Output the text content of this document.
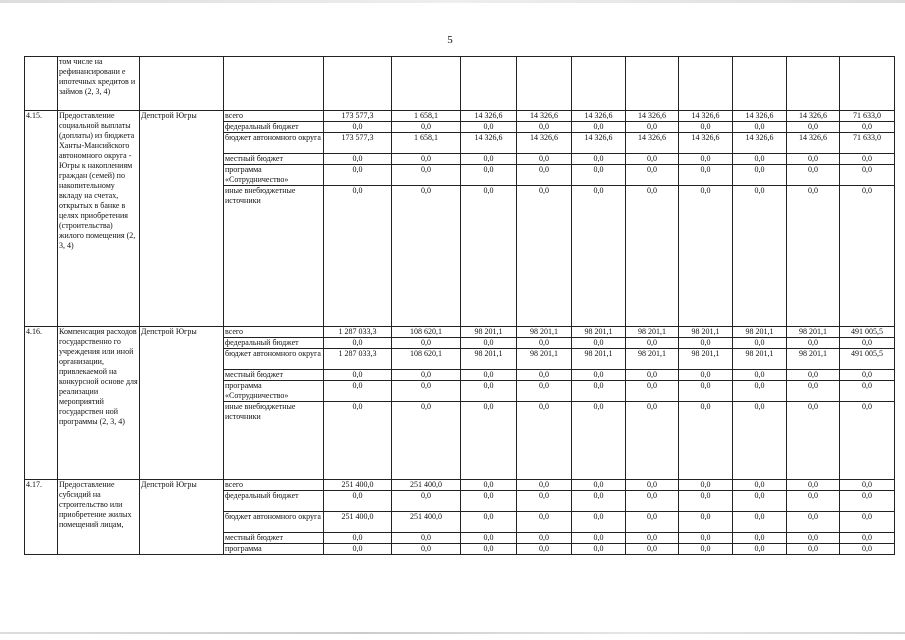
5
	том числе на рефинансировани е ипотечных кредитов и займов (2, 3, 4)												
4.15.	Предоставление социальной выплаты (доплаты) из бюджета Ханты-Мансийского автономного округа - Югры к накоплениям граждан (семей) по накопительному вкладу на счетах, открытых в банке в целях приобретения (строительства) жилого помещения (2, 3, 4)	Депстрой Югры	всего	173 577,3	1 658,1	14 326,6	14 326,6	14 326,6	14 326,6	14 326,6	14 326,6	14 326,6	71 633,0
			федеральный бюджет	0,0	0,0	0,0	0,0	0,0	0,0	0,0	0,0	0,0	0,0
			бюджет автономного округа	173 577,3	1 658,1	14 326,6	14 326,6	14 326,6	14 326,6	14 326,6	14 326,6	14 326,6	71 633,0
			местный бюджет	0,0	0,0	0,0	0,0	0,0	0,0	0,0	0,0	0,0	0,0
			программа «Сотрудничество»	0,0	0,0	0,0	0,0	0,0	0,0	0,0	0,0	0,0	0,0
			иные внебюджетные источники	0,0	0,0	0,0	0,0	0,0	0,0	0,0	0,0	0,0	0,0
4.16.	Компенсация расходов государственно го учреждения или иной организации, привлекаемой на конкурсной основе для реализации мероприятий государствен ной программы (2, 3, 4)	Депстрой Югры	всего	1 287 033,3	108 620,1	98 201,1	98 201,1	98 201,1	98 201,1	98 201,1	98 201,1	98 201,1	491 005,5
			федеральный бюджет	0,0	0,0	0,0	0,0	0,0	0,0	0,0	0,0	0,0	0,0
			бюджет автономного округа	1 287 033,3	108 620,1	98 201,1	98 201,1	98 201,1	98 201,1	98 201,1	98 201,1	98 201,1	491 005,5
			местный бюджет	0,0	0,0	0,0	0,0	0,0	0,0	0,0	0,0	0,0	0,0
			программа «Сотрудничество»	0,0	0,0	0,0	0,0	0,0	0,0	0,0	0,0	0,0	0,0
			иные внебюджетные источники	0,0	0,0	0,0	0,0	0,0	0,0	0,0	0,0	0,0	0,0
4.17.	Предоставление субсидий на строительство или приобретение жилых помещений лицам,	Депстрой Югры	всего	251 400,0	251 400,0	0,0	0,0	0,0	0,0	0,0	0,0	0,0	0,0
			федеральный бюджет	0,0	0,0	0,0	0,0	0,0	0,0	0,0	0,0	0,0	0,0
			бюджет автономного округа	251 400,0	251 400,0	0,0	0,0	0,0	0,0	0,0	0,0	0,0	0,0
			местный бюджет	0,0	0,0	0,0	0,0	0,0	0,0	0,0	0,0	0,0	0,0
			программа	0,0	0,0	0,0	0,0	0,0	0,0	0,0	0,0	0,0	0,0
